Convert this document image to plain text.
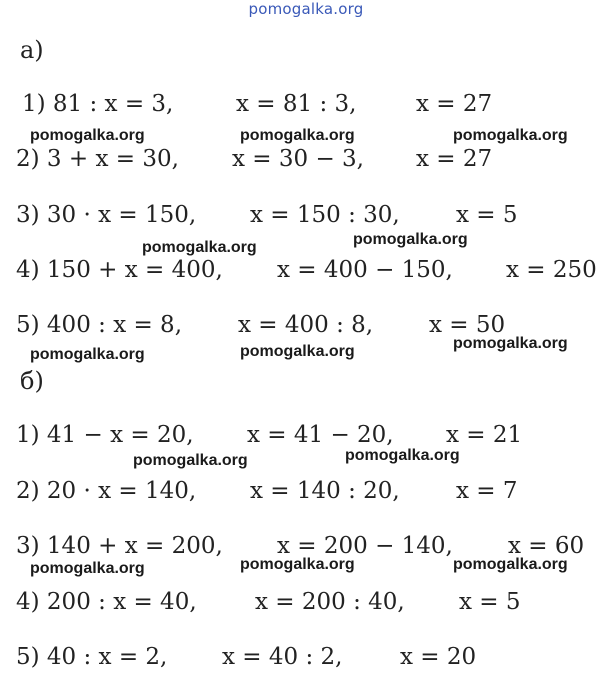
pomogalka.org
а)
1) 81 : x = 3,	x = 81 : 3,	x = 27
2) 3 + x = 30, x = 30 − 3, x = 27
3) 30 · x = 150, x = 150 : 30, x = 5
4) 150 + x = 400, x = 400 − 150, x = 250
5) 400 : x = 8, x = 400 : 8, x = 50
б)
1) 41 − x = 20, x = 41 − 20, x = 21
2) 20 · x = 140, x = 140 : 20, x = 7
3) 140 + x = 200, x = 200 − 140, x = 60
4) 200 : x = 40,	x = 200 : 40, x = 5
5) 40 : x = 2, x = 40 : 2,	x = 20
pomogalka.org	pomogalka.org	pomogalka.org
pomogalka.org	pomogalka.org
pomogalka.org	pomogalka.org	pomogalka.org
pomogalka.org	pomogalka.org
pomogalka.org	pomogalka.org	pomogalka.org
